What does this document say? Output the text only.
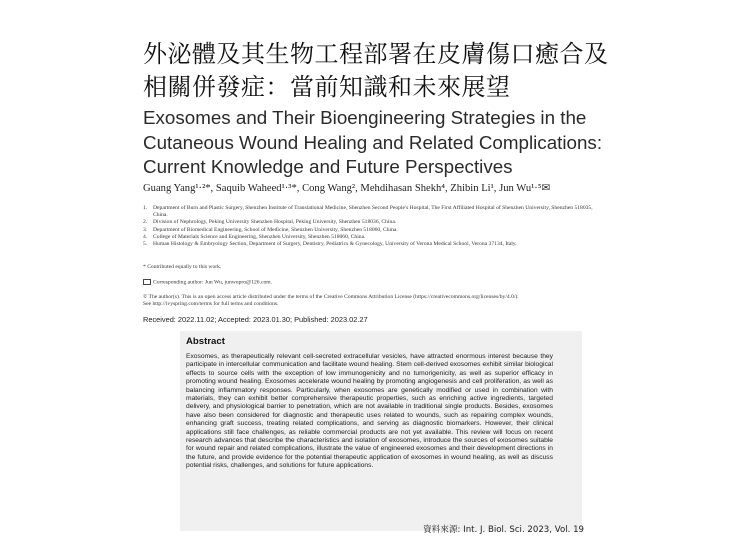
外泌體及其生物工程部署在皮膚傷口癒合及
相關併發症：當前知識和未來展望
Exosomes and Their Bioengineering Strategies in the
Cutaneous Wound Healing and Related Complications:
Current Knowledge and Future Perspectives
Guang Yang¹·²*, Saquib Waheed¹·³*, Cong Wang², Mehdihasan Shekh⁴, Zhibin Li¹, Jun Wu¹·⁵✉
1.	Department of Burn and Plastic Surgery, Shenzhen Institute of Translational Medicine, Shenzhen Second People's Hospital, The First Affiliated Hospital of Shenzhen University, Shenzhen 518035, China.
2.	Division of Nephrology, Peking University Shenzhen Hospital, Peking University, Shenzhen 518036, China.
3.	Department of Biomedical Engineering, School of Medicine, Shenzhen University, Shenzhen 518060, China.
4.	College of Materials Science and Engineering, Shenzhen University, Shenzhen 518060, China.
5.	Human Histology & Embryology Section, Department of Surgery, Dentistry, Pediatrics & Gynecology, University of Verona Medical School, Verona 37134, Italy.
* Contributed equally to this work.
Corresponding author: Jun Wu, junwupro@126.com.
© The author(s). This is an open access article distributed under the terms of the Creative Commons Attribution License (https://creativecommons.org/licenses/by/4.0/).
See http://ivyspring.com/terms for full terms and conditions.
Received: 2022.11.02; Accepted: 2023.01.30; Published: 2023.02.27
Abstract

Exosomes, as therapeutically relevant cell-secreted extracellular vesicles, have attracted enormous interest because they participate in intercellular communication and facilitate wound healing. Stem cell-derived exosomes exhibit similar biological effects to source cells with the exception of low immunogenicity and no tumorigenicity, as well as superior efficacy in promoting wound healing. Exosomes accelerate wound healing by promoting angiogenesis and cell proliferation, as well as balancing inflammatory responses. Particularly, when exosomes are genetically modified or used in combination with materials, they can exhibit better comprehensive therapeutic properties, such as enriching active ingredients, targeted delivery, and physiological barrier to penetration, which are not available in traditional single products. Besides, exosomes have also been considered for diagnostic and therapeutic uses related to wounds, such as repairing complex wounds, enhancing graft success, treating related complications, and serving as diagnostic biomarkers. However, their clinical applications still face challenges, as reliable commercial products are not yet available. This review will focus on recent research advances that describe the characteristics and isolation of exosomes, introduce the sources of exosomes suitable for wound repair and related complications, illustrate the value of engineered exosomes and their development directions in the future, and provide evidence for the potential therapeutic application of exosomes in wound healing, as well as discuss potential risks, challenges, and solutions for future applications.

資料來源: Int. J. Biol. Sci. 2023, Vol. 19
